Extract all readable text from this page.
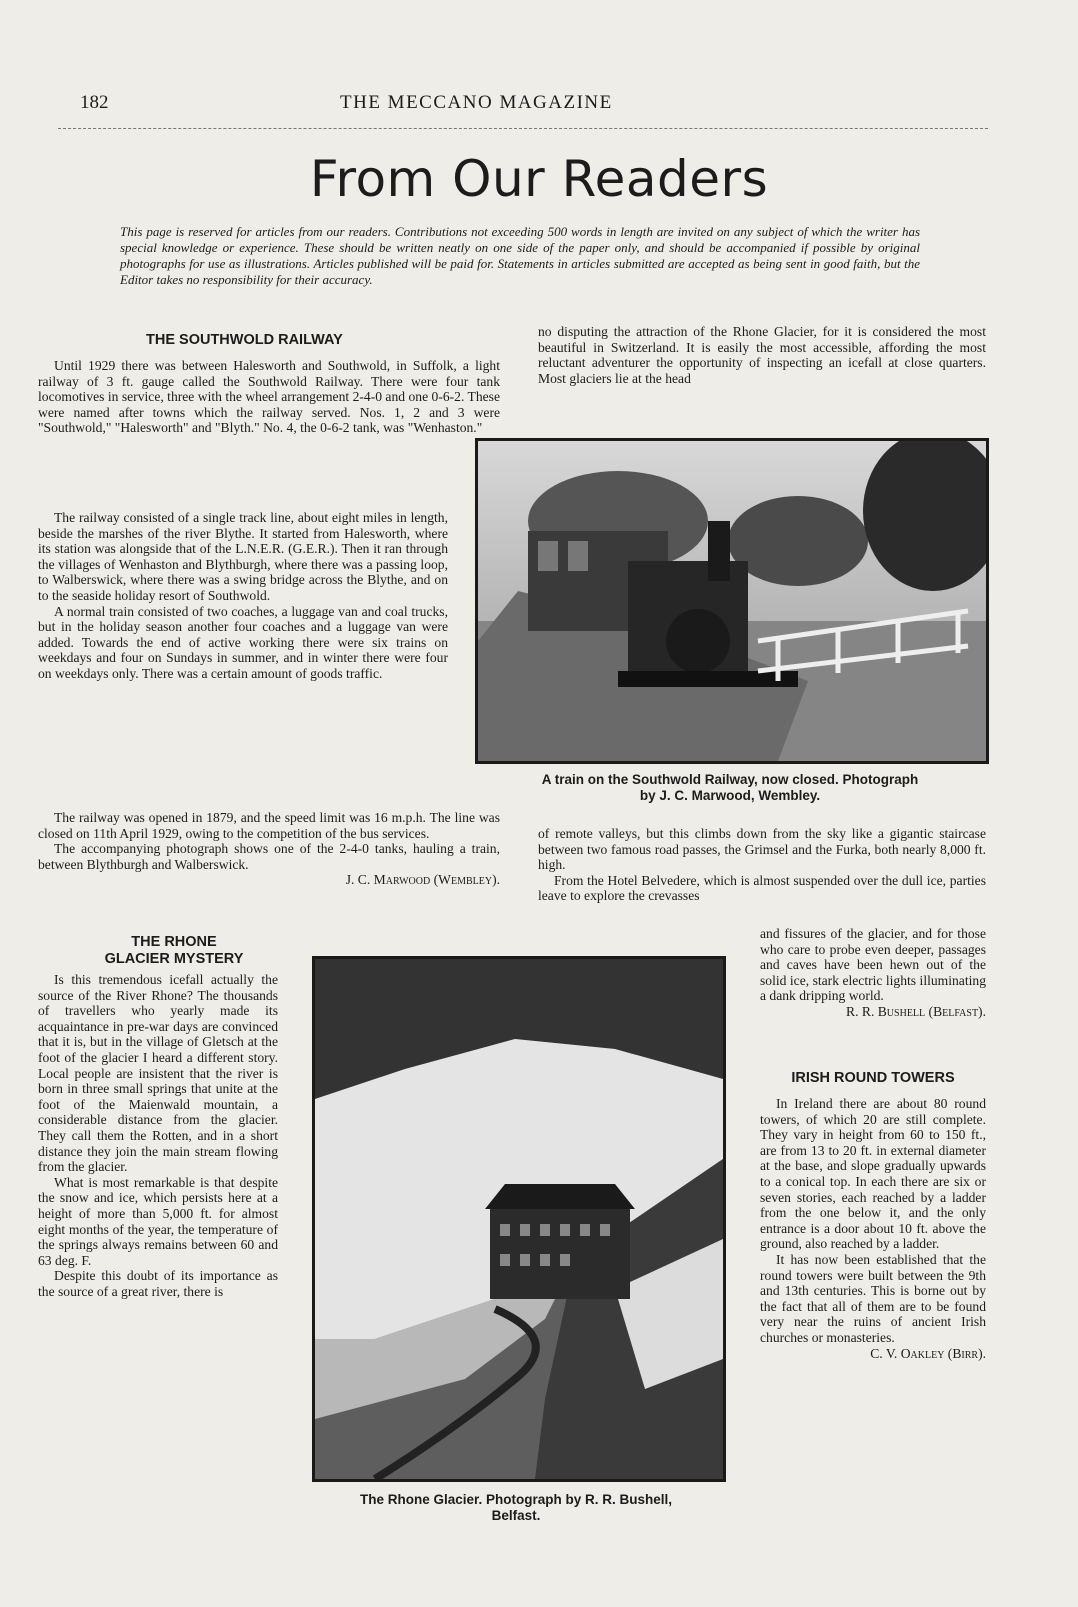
182	THE MECCANO MAGAZINE
From Our Readers
This page is reserved for articles from our readers. Contributions not exceeding 500 words in length are invited on any subject of which the writer has special knowledge or experience. These should be written neatly on one side of the paper only, and should be accompanied if possible by original photographs for use as illustrations. Articles published will be paid for. Statements in articles submitted are accepted as being sent in good faith, but the Editor takes no responsibility for their accuracy.
THE SOUTHWOLD RAILWAY

Until 1929 there was between Halesworth and Southwold, in Suffolk, a light railway of 3 ft. gauge called the Southwold Railway. There were four tank locomotives in service, three with the wheel arrangement 2-4-0 and one 0-6-2. These were named after towns which the railway served. Nos. 1, 2 and 3 were "Southwold," "Halesworth" and "Blyth." No. 4, the 0-6-2 tank, was "Wenhaston."

The railway consisted of a single track line, about eight miles in length, beside the marshes of the river Blythe. It started from Halesworth, where its station was alongside that of the L.N.E.R. (G.E.R.). Then it ran through the villages of Wenhaston and Blythburgh, where there was a passing loop, to Walberswick, where there was a swing bridge across the Blythe, and on to the seaside holiday resort of Southwold.

A normal train consisted of two coaches, a luggage van and coal trucks, but in the holiday season another four coaches and a luggage van were added. Towards the end of active working there were six trains on weekdays and four on Sundays in summer, and in winter there were four on weekdays only. There was a certain amount of goods traffic.

The railway was opened in 1879, and the speed limit was 16 m.p.h. The line was closed on 11th April 1929, owing to the competition of the bus services.

The accompanying photograph shows one of the 2-4-0 tanks, hauling a train, between Blythburgh and Walberswick.

J. C. Marwood (Wembley).

no disputing the attraction of the Rhone Glacier, for it is considered the most beautiful in Switzerland. It is easily the most accessible, affording the most reluctant adventurer the opportunity of inspecting an icefall at close quarters. Most glaciers lie at the head
A train on the Southwold Railway, now closed. Photograph
by J. C. Marwood, Wembley.

of remote valleys, but this climbs down from the sky like a gigantic staircase between two famous road passes, the Grimsel and the Furka, both nearly 8,000 ft. high.

From the Hotel Belvedere, which is almost suspended over the dull ice, parties leave to explore the crevasses

and fissures of the glacier, and for those who care to probe even deeper, passages and caves have been hewn out of the solid ice, stark electric lights illuminating a dank dripping world.

R. R. Bushell (Belfast).

IRISH ROUND TOWERS

In Ireland there are about 80 round towers, of which 20 are still complete. They vary in height from 60 to 150 ft., are from 13 to 20 ft. in external diameter at the base, and slope gradually upwards to a conical top. In each there are six or seven stories, each reached by a ladder from the one below it, and the only entrance is a door about 10 ft. above the ground, also reached by a ladder.

It has now been established that the round towers were built between the 9th and 13th centuries. This is borne out by the fact that all of them are to be found very near the ruins of ancient Irish churches or monasteries.

C. V. Oakley (Birr).

THE RHONE
GLACIER MYSTERY

Is this tremendous icefall actually the source of the River Rhone? The thousands of travellers who yearly made its acquaintance in pre-war days are convinced that it is, but in the village of Gletsch at the foot of the glacier I heard a different story. Local people are insistent that the river is born in three small springs that unite at the foot of the Maienwald mountain, a considerable distance from the glacier. They call them the Rotten, and in a short distance they join the main stream flowing from the glacier.

What is most remarkable is that despite the snow and ice, which persists here at a height of more than 5,000 ft. for almost eight months of the year, the temperature of the springs always remains between 60 and 63 deg. F.

Despite this doubt of its importance as the source of a great river, there is

The Rhone Glacier. Photograph by R. R. Bushell,
Belfast.
